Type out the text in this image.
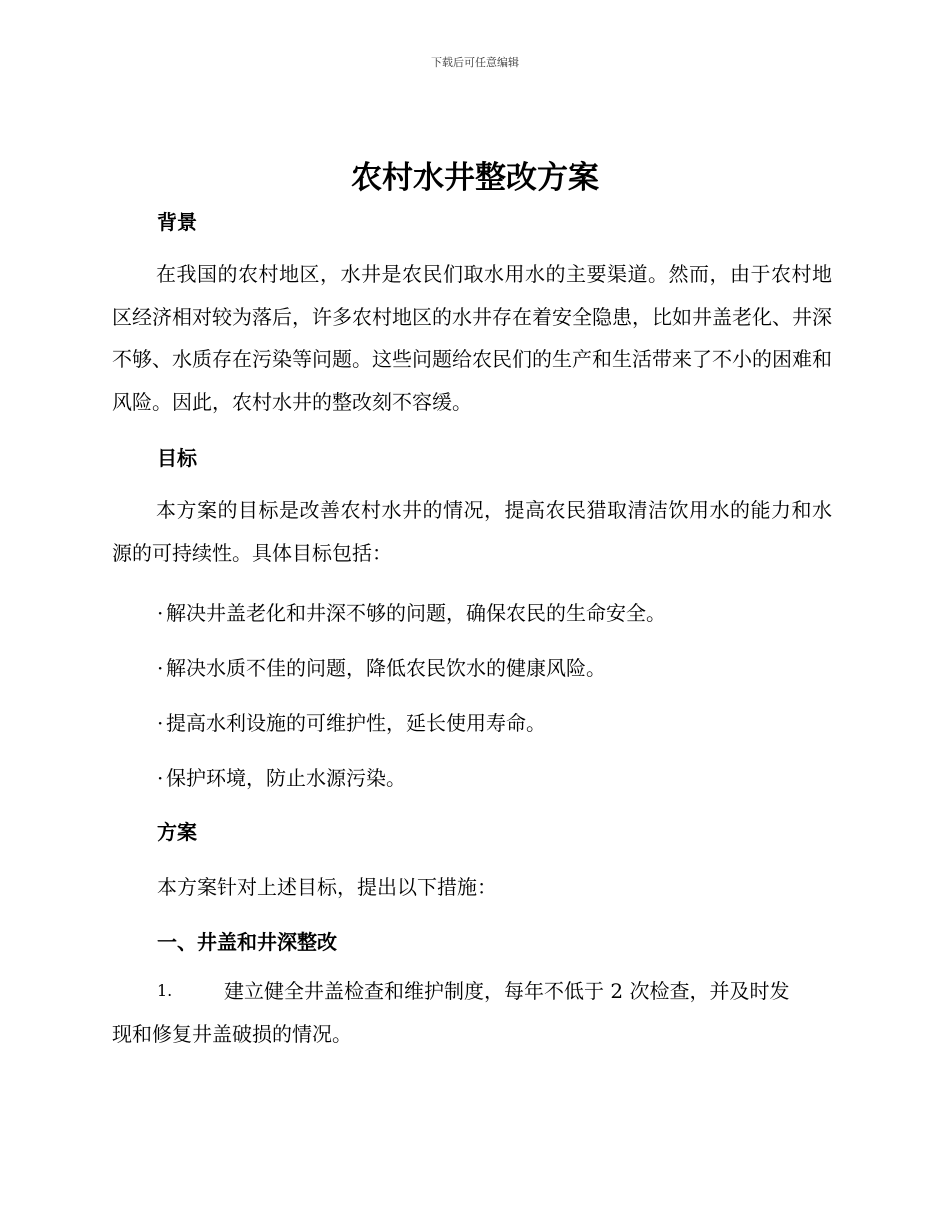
下载后可任意编辑
农村水井整改方案
背景

在我国的农村地区，水井是农民们取水用水的主要渠道。然而，由于农村地区经济相对较为落后，许多农村地区的水井存在着安全隐患，比如井盖老化、井深不够、水质存在污染等问题。这些问题给农民们的生产和生活带来了不小的困难和风险。因此，农村水井的整改刻不容缓。

目标

本方案的目标是改善农村水井的情况，提高农民猎取清洁饮用水的能力和水源的可持续性。具体目标包括：

· 解决井盖老化和井深不够的问题，确保农民的生命安全。

· 解决水质不佳的问题，降低农民饮水的健康风险。

· 提高水利设施的可维护性，延长使用寿命。

· 保护环境，防止水源污染。

方案

本方案针对上述目标，提出以下措施：

一、井盖和井深整改
1.	建立健全井盖检查和维护制度，每年不低于 2 次检查，并及时发
现和修复井盖破损的情况。
